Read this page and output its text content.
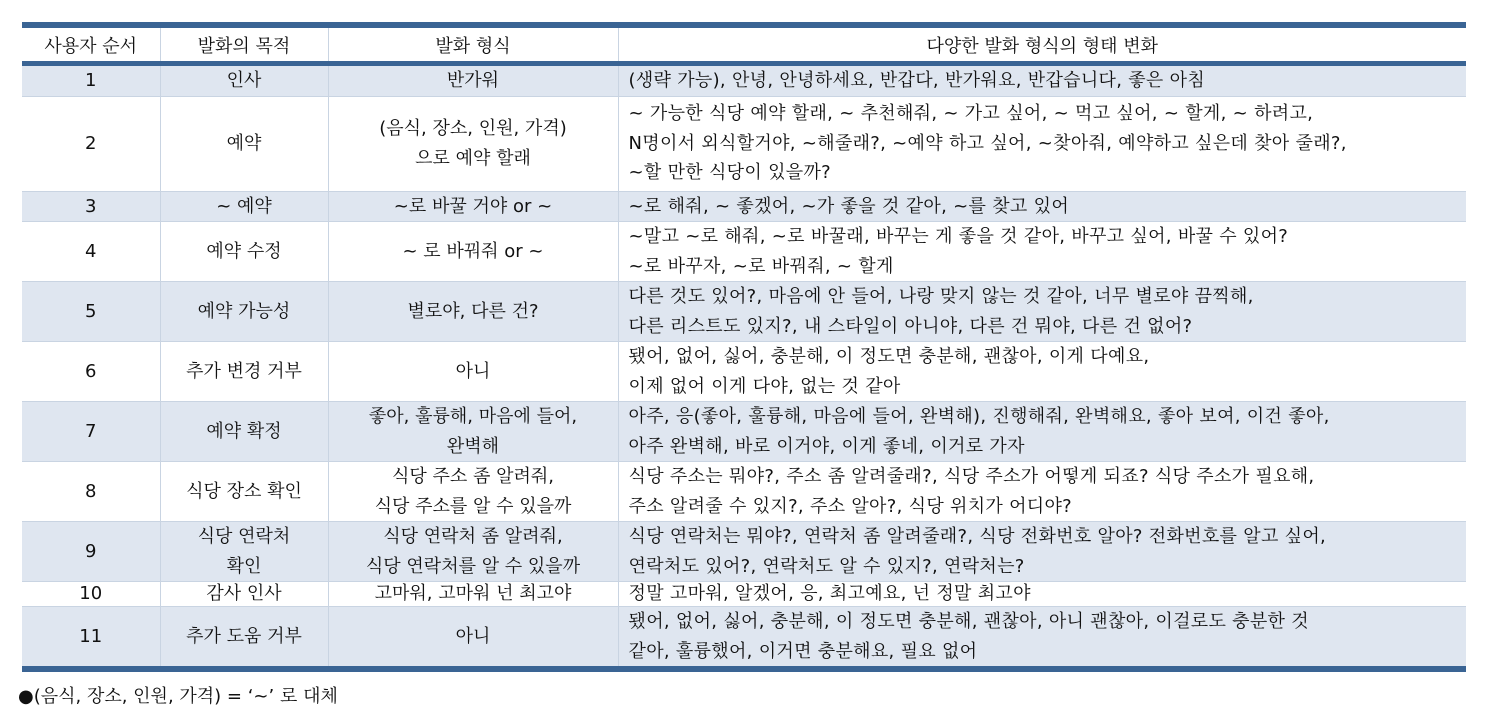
사용자 순서	발화의 목적	발화 형식	다양한 발화 형식의 형태 변화
1	인사	반가워	(생략 가능), 안녕, 안녕하세요, 반갑다, 반가워요, 반갑습니다, 좋은 아침

2	예약	(음식, 장소, 인원, 가격)
으로 예약 할래	~ 가능한 식당 예약 할래, ~ 추천해줘, ~ 가고 싶어, ~ 먹고 싶어, ~ 할게, ~ 하려고,
N명이서 외식할거야, ~해줄래?, ~예약 하고 싶어, ~찾아줘, 예약하고 싶은데 찾아 줄래?,
~할 만한 식당이 있을까?

3	~ 예약	~로 바꿀 거야 or ~	~로 해줘, ~ 좋겠어, ~가 좋을 것 같아, ~를 찾고 있어

4	예약 수정	~ 로 바꿔줘 or ~	~말고 ~로 해줘, ~로 바꿀래, 바꾸는 게 좋을 것 같아, 바꾸고 싶어, 바꿀 수 있어?
~로 바꾸자, ~로 바꿔줘, ~ 할게

5	예약 가능성	별로야, 다른 건?	다른 것도 있어?, 마음에 안 들어, 나랑 맞지 않는 것 같아, 너무 별로야 끔찍해,
다른 리스트도 있지?, 내 스타일이 아니야, 다른 건 뭐야, 다른 건 없어?

6	추가 변경 거부	아니	됐어, 없어, 싫어, 충분해, 이 정도면 충분해, 괜찮아, 이게 다예요,
이제 없어 이게 다야, 없는 것 같아

7	예약 확정	좋아, 훌륭해, 마음에 들어,
완벽해	아주, 응(좋아, 훌륭해, 마음에 들어, 완벽해), 진행해줘, 완벽해요, 좋아 보여, 이건 좋아,
아주 완벽해, 바로 이거야, 이게 좋네, 이거로 가자

8	식당 장소 확인	식당 주소 좀 알려줘,
식당 주소를 알 수 있을까	식당 주소는 뭐야?, 주소 좀 알려줄래?, 식당 주소가 어떻게 되죠? 식당 주소가 필요해,
주소 알려줄 수 있지?, 주소 알아?, 식당 위치가 어디야?

9	식당 연락처
확인	식당 연락처 좀 알려줘,
식당 연락처를 알 수 있을까	식당 연락처는 뭐야?, 연락처 좀 알려줄래?, 식당 전화번호 알아? 전화번호를 알고 싶어,
연락처도 있어?, 연락처도 알 수 있지?, 연락처는?

10	감사 인사	고마워, 고마워 넌 최고야	정말 고마워, 알겠어, 응, 최고예요, 넌 정말 최고야

11	추가 도움 거부	아니	됐어, 없어, 싫어, 충분해, 이 정도면 충분해, 괜찮아, 아니 괜찮아, 이걸로도 충분한 것
같아, 훌륭했어, 이거면 충분해요, 필요 없어
●(음식, 장소, 인원, 가격) = ‘~’ 로 대체
